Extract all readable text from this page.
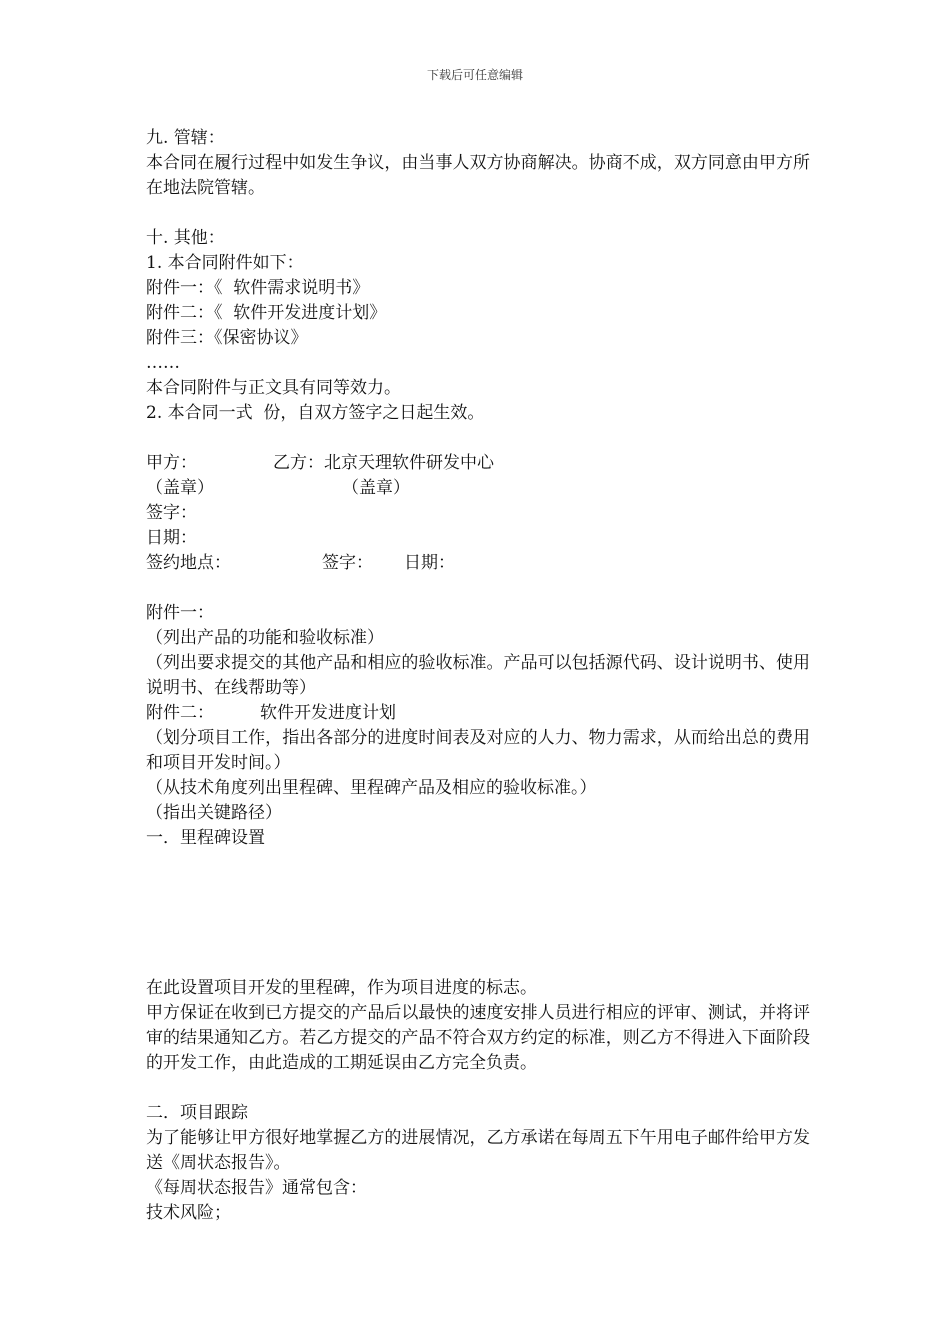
下载后可任意编辑
九. 管辖：
本合同在履行过程中如发生争议，由当事人双方协商解决。协商不成，双方同意由甲方所在地法院管辖。
十. 其他：
1. 本合同附件如下：
附件一：《  软件需求说明书》
附件二：《  软件开发进度计划》
附件三：《保密协议》
……
本合同附件与正文具有同等效力。
2. 本合同一式  份，自双方签字之日起生效。
甲方：	乙方：北京天理软件研发中心
（盖章）	（盖章）
签字：
日期：
签约地点：	签字：	日期：
附件一：
（列出产品的功能和验收标准）
（列出要求提交的其他产品和相应的验收标准。产品可以包括源代码、设计说明书、使用说明书、在线帮助等）
附件二：	软件开发进度计划
（划分项目工作，指出各部分的进度时间表及对应的人力、物力需求，从而给出总的费用和项目开发时间。）
（从技术角度列出里程碑、里程碑产品及相应的验收标准。）
（指出关键路径）
一．里程碑设置
在此设置项目开发的里程碑，作为项目进度的标志。
甲方保证在收到已方提交的产品后以最快的速度安排人员进行相应的评审、测试，并将评审的结果通知乙方。若乙方提交的产品不符合双方约定的标准，则乙方不得进入下面阶段的开发工作，由此造成的工期延误由乙方完全负责。
二．项目跟踪
为了能够让甲方很好地掌握乙方的进展情况，乙方承诺在每周五下午用电子邮件给甲方发送《周状态报告》。
《每周状态报告》通常包含：
技术风险；
